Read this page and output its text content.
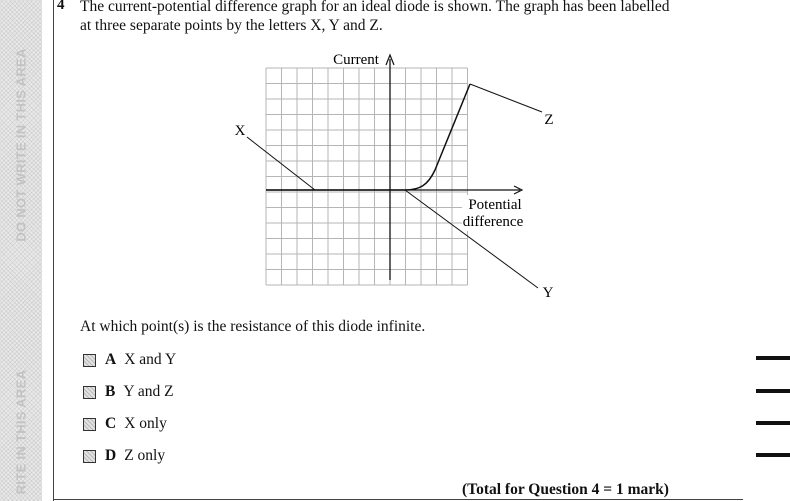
DO NOT WRITE IN THIS AREA
RITE IN THIS AREA
4 The current-potential difference graph for an ideal diode is shown. The graph has been labelled at three separate points by the letters X, Y and Z.
Current
Potential
difference
X
Y
Z
At which point(s) is the resistance of this diode infinite.
A X and Y
B Y and Z
C X only
D Z only
(Total for Question 4 = 1 mark)
